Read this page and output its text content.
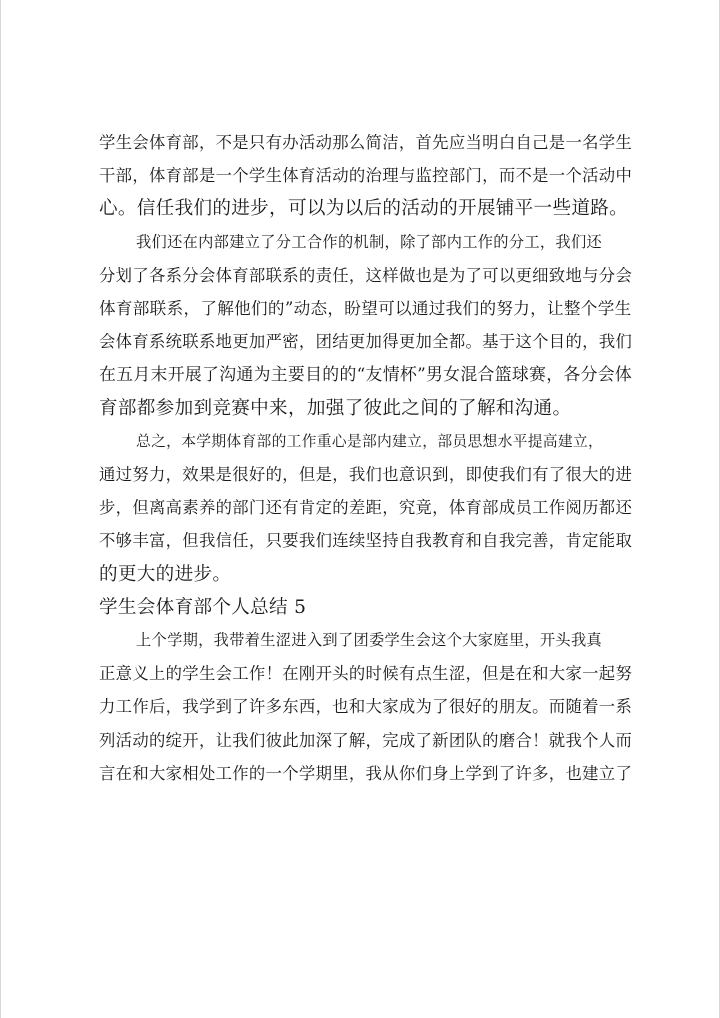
学生会体育部，不是只有办活动那么简洁，首先应当明白自己是一名学生
干部，体育部是一个学生体育活动的治理与监控部门，而不是一个活动中
心。信任我们的进步，可以为以后的活动的开展铺平一些道路。

我们还在内部建立了分工合作的机制，除了部内工作的分工，我们还
分划了各系分会体育部联系的责任，这样做也是为了可以更细致地与分会
体育部联系，了解他们的”动态，盼望可以通过我们的努力，让整个学生
会体育系统联系地更加严密，团结更加得更加全都。基于这个目的，我们
在五月末开展了沟通为主要目的的“友情杯”男女混合篮球赛，各分会体
育部都参加到竞赛中来，加强了彼此之间的了解和沟通。

总之，本学期体育部的工作重心是部内建立，部员思想水平提高建立，
通过努力，效果是很好的，但是，我们也意识到，即使我们有了很大的进
步，但离高素养的部门还有肯定的差距，究竟，体育部成员工作阅历都还
不够丰富，但我信任，只要我们连续坚持自我教育和自我完善，肯定能取
的更大的进步。

学生会体育部个人总结 5

上个学期，我带着生涩进入到了团委学生会这个大家庭里，开头我真
正意义上的学生会工作！在刚开头的时候有点生涩，但是在和大家一起努
力工作后，我学到了许多东西，也和大家成为了很好的朋友。而随着一系
列活动的绽开，让我们彼此加深了解，完成了新团队的磨合！就我个人而
言在和大家相处工作的一个学期里，我从你们身上学到了许多，也建立了
